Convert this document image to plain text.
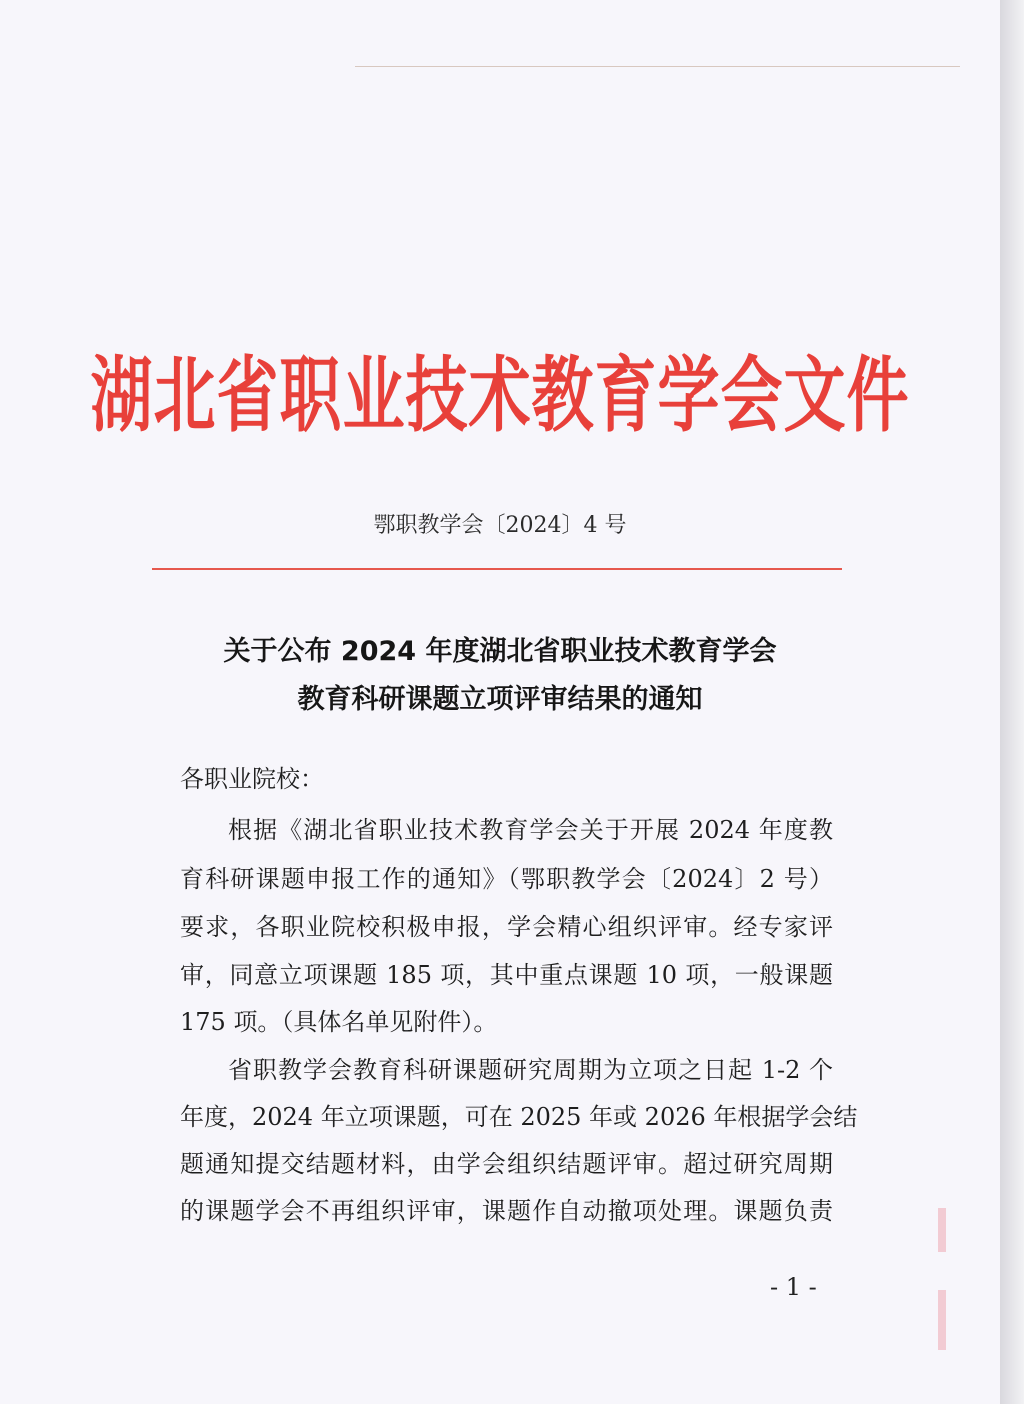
湖北省职业技术教育学会文件
鄂职教学会〔2024〕4 号
关于公布 2024 年度湖北省职业技术教育学会
教育科研课题立项评审结果的通知
各职业院校：
根据《湖北省职业技术教育学会关于开展 2024 年度教
育科研课题申报工作的通知》（鄂职教学会〔2024〕2 号）
要求，各职业院校积极申报，学会精心组织评审。经专家评
审，同意立项课题 185 项，其中重点课题 10 项，一般课题
175 项。（具体名单见附件）。
省职教学会教育科研课题研究周期为立项之日起 1-2 个
年度，2024 年立项课题，可在 2025 年或 2026 年根据学会结
题通知提交结题材料，由学会组织结题评审。超过研究周期
的课题学会不再组织评审，课题作自动撤项处理。课题负责
- 1 -
